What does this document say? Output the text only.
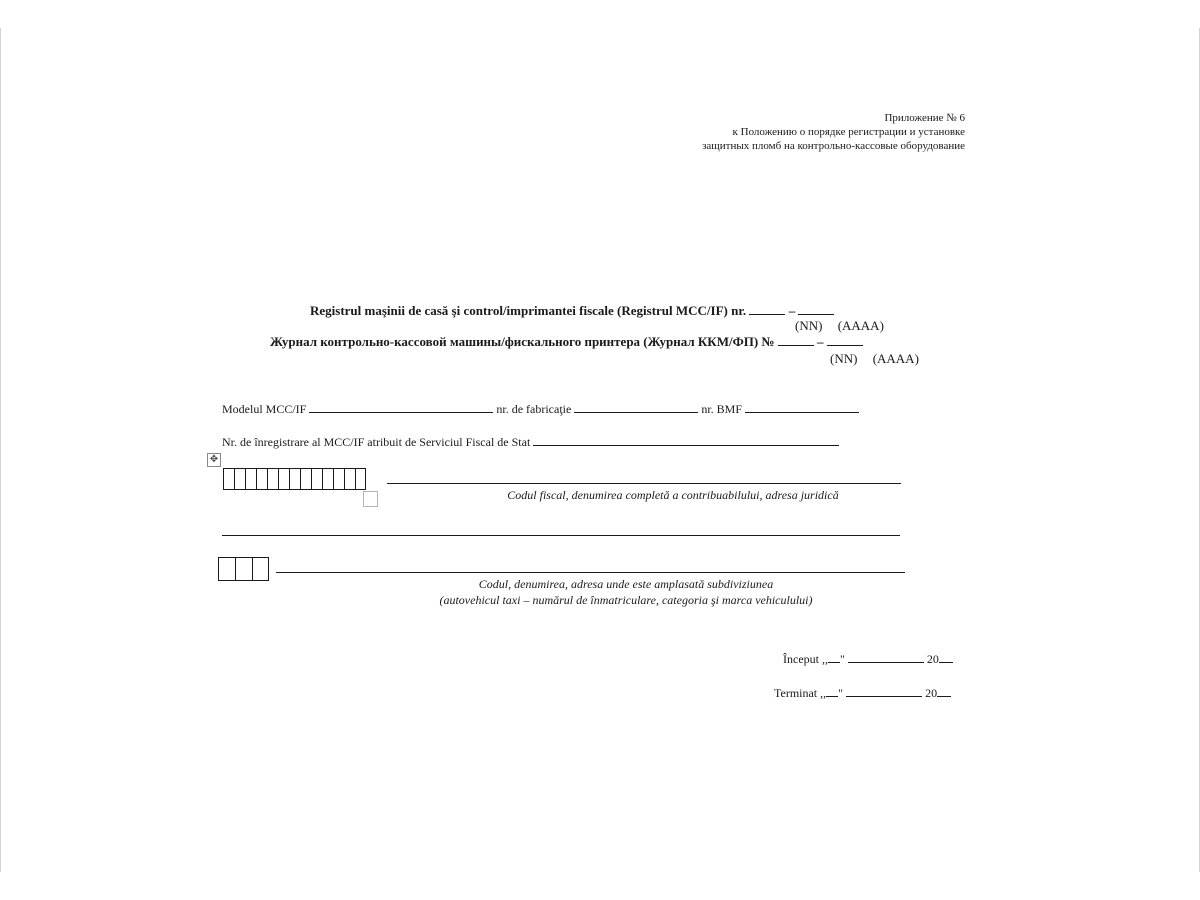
Приложение № 6
к Положению о порядке регистрации и установке
защитных пломб на контрольно-кассовые оборудование
Registrul maşinii de casă şi control/imprimantei fiscale (Registrul MCC/IF) nr.	–
(NN) (AAAA)
Журнал контрольно-кассовой машины/фискального принтера (Журнал ККМ/ФП) №	–
(NN) (AAAA)
Modelul MCC/IF	nr. de fabricaţie	nr. BMF
Nr. de înregistrare al MCC/IF atribuit de Serviciul Fiscal de Stat
✥
Codul fiscal, denumirea completă a contribuabilului, adresa juridică
Codul, denumirea, adresa unde este amplasată subdiviziunea
(autovehicul taxi – numărul de înmatriculare, categoria şi marca vehiculului)
Început ,, "	20
Terminat ,, "	20
